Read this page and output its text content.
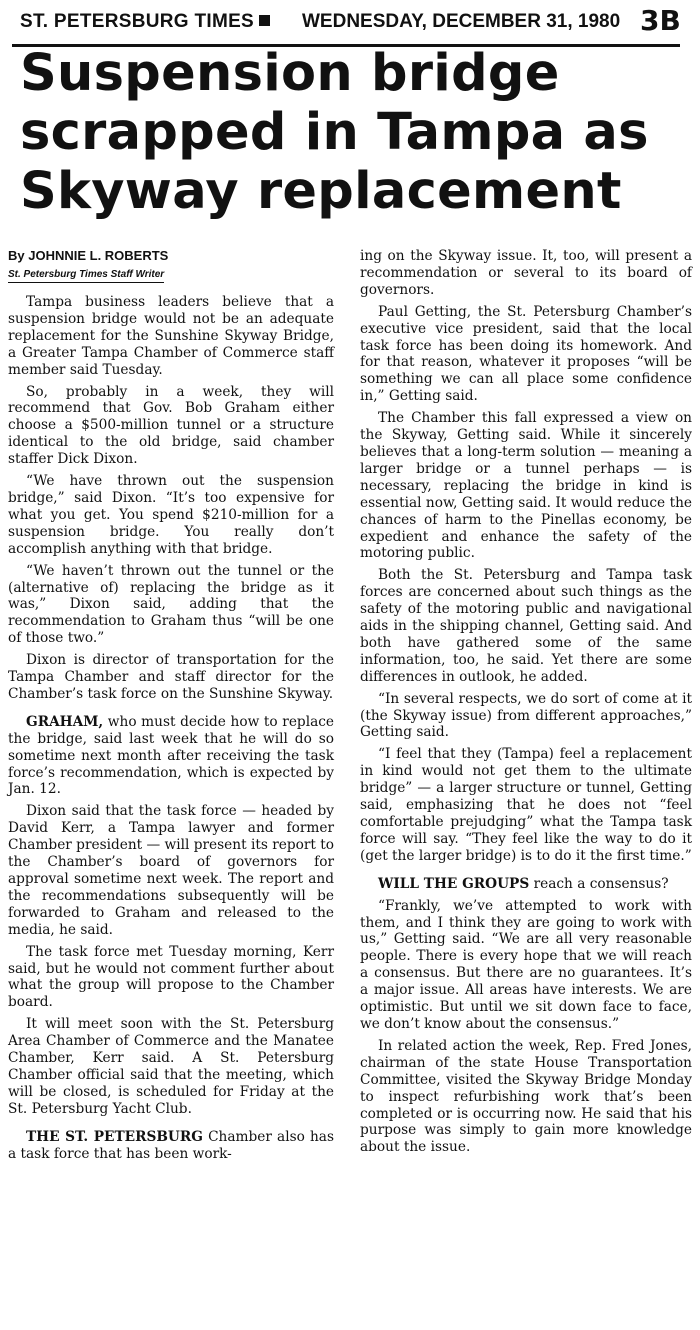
ST. PETERSBURG TIMES	WEDNESDAY, DECEMBER 31, 1980 3B
Suspension bridge
scrapped in Tampa as
Skyway replacement
By JOHNNIE L. ROBERTS
St. Petersburg Times Staff Writer

Tampa business leaders believe that a suspension bridge would not be an adequate replacement for the Sunshine Skyway Bridge, a Greater Tampa Chamber of Commerce staff member said Tuesday.

So, probably in a week, they will recommend that Gov. Bob Graham either choose a $500-million tunnel or a structure identical to the old bridge, said chamber staffer Dick Dixon.

“We have thrown out the suspension bridge,” said Dixon. “It’s too expensive for what you get. You spend $210-million for a suspension bridge. You really don’t accomplish anything with that bridge.

“We haven’t thrown out the tunnel or the (alternative of) replacing the bridge as it was,” Dixon said, adding that the recommendation to Graham thus “will be one of those two.”

Dixon is director of transportation for the Tampa Chamber and staff director for the Chamber’s task force on the Sunshine Skyway.

GRAHAM, who must decide how to replace the bridge, said last week that he will do so sometime next month after receiving the task force’s recommendation, which is expected by Jan. 12.

Dixon said that the task force — headed by David Kerr, a Tampa lawyer and former Chamber president — will present its report to the Chamber’s board of governors for approval sometime next week. The report and the recommendations subsequently will be forwarded to Graham and released to the media, he said.

The task force met Tuesday morning, Kerr said, but he would not comment further about what the group will propose to the Chamber board.

It will meet soon with the St. Petersburg Area Chamber of Commerce and the Manatee Chamber, Kerr said. A St. Petersburg Chamber official said that the meeting, which will be closed, is scheduled for Friday at the St. Petersburg Yacht Club.

THE ST. PETERSBURG Chamber also has a task force that has been work-

ing on the Skyway issue. It, too, will present a recommendation or several to its board of governors.

Paul Getting, the St. Petersburg Chamber’s executive vice president, said that the local task force has been doing its homework. And for that reason, whatever it proposes “will be something we can all place some confidence in,” Getting said.

The Chamber this fall expressed a view on the Skyway, Getting said. While it sincerely believes that a long-term solution — meaning a larger bridge or a tunnel perhaps — is necessary, replacing the bridge in kind is essential now, Getting said. It would reduce the chances of harm to the Pinellas economy, be expedient and enhance the safety of the motoring public.

Both the St. Petersburg and Tampa task forces are concerned about such things as the safety of the motoring public and navigational aids in the shipping channel, Getting said. And both have gathered some of the same information, too, he said. Yet there are some differences in outlook, he added.

“In several respects, we do sort of come at it (the Skyway issue) from different approaches,” Getting said.

“I feel that they (Tampa) feel a replacement in kind would not get them to the ultimate bridge” — a larger structure or tunnel, Getting said, emphasizing that he does not “feel comfortable prejudging” what the Tampa task force will say. “They feel like the way to do it (get the larger bridge) is to do it the first time.”

WILL THE GROUPS reach a consensus?

“Frankly, we’ve attempted to work with them, and I think they are going to work with us,” Getting said. “We are all very reasonable people. There is every hope that we will reach a consensus. But there are no guarantees. It’s a major issue. All areas have interests. We are optimistic. But until we sit down face to face, we don’t know about the consensus.”

In related action the week, Rep. Fred Jones, chairman of the state House Transportation Committee, visited the Skyway Bridge Monday to inspect refurbishing work that’s been completed or is occurring now. He said that his purpose was simply to gain more knowledge about the issue.
